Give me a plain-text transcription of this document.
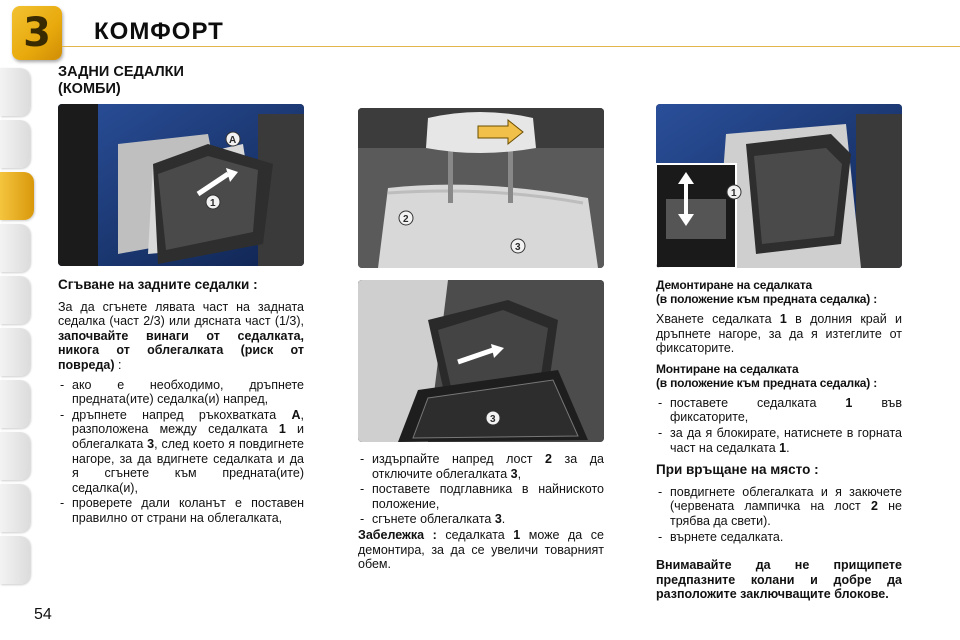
3	КОМФОРТ
ЗАДНИ СЕДАЛКИ
(КОМБИ)
A
1
2
3
3
1
Сгъване на задните седалки :

За да сгънете лявата част на задната седалка (част 2/3) или дясната част (1/3), започвайте винаги от седалката, никога от облегалката (риск от повреда) :

- ако е необходимо, дръпнете предната(ите) седалка(и) напред,
- дръпнете напред ръкохватката A, разположена между седалката 1 и облегалката 3, след което я повдигнете нагоре, за да вдигнете седалката и да я сгънете към предната(ите) седалка(и),
- проверете дали коланът е поставен правилно от страни на облегалката,
- издърпайте напред лост 2 за да отключите облегалката 3,
- поставете подглавника в найниското положение,
- сгънете облегалката 3.

Забележка : седалката 1 може да се демонтира, за да се увеличи товарният обем.

Демонтиране на седалката
(в положение към предната седалка) :

Хванете седалката 1 в долния край и дръпнете нагоре, за да я изтеглите от фиксаторите.

Монтиране на седалката
(в положение към предната седалка) :
- поставете седалката 1 във фиксаторите,
- за да я блокирате, натиснете в горната част на седалката 1.
При връщане на място :
- повдигнете облегалката и я закючете (червената лампичка на лост 2 не трябва да свети).
- върнете седалката.

Внимавайте да не прищипете предпазните колани и добре да разположите заключващите блокове.

54
